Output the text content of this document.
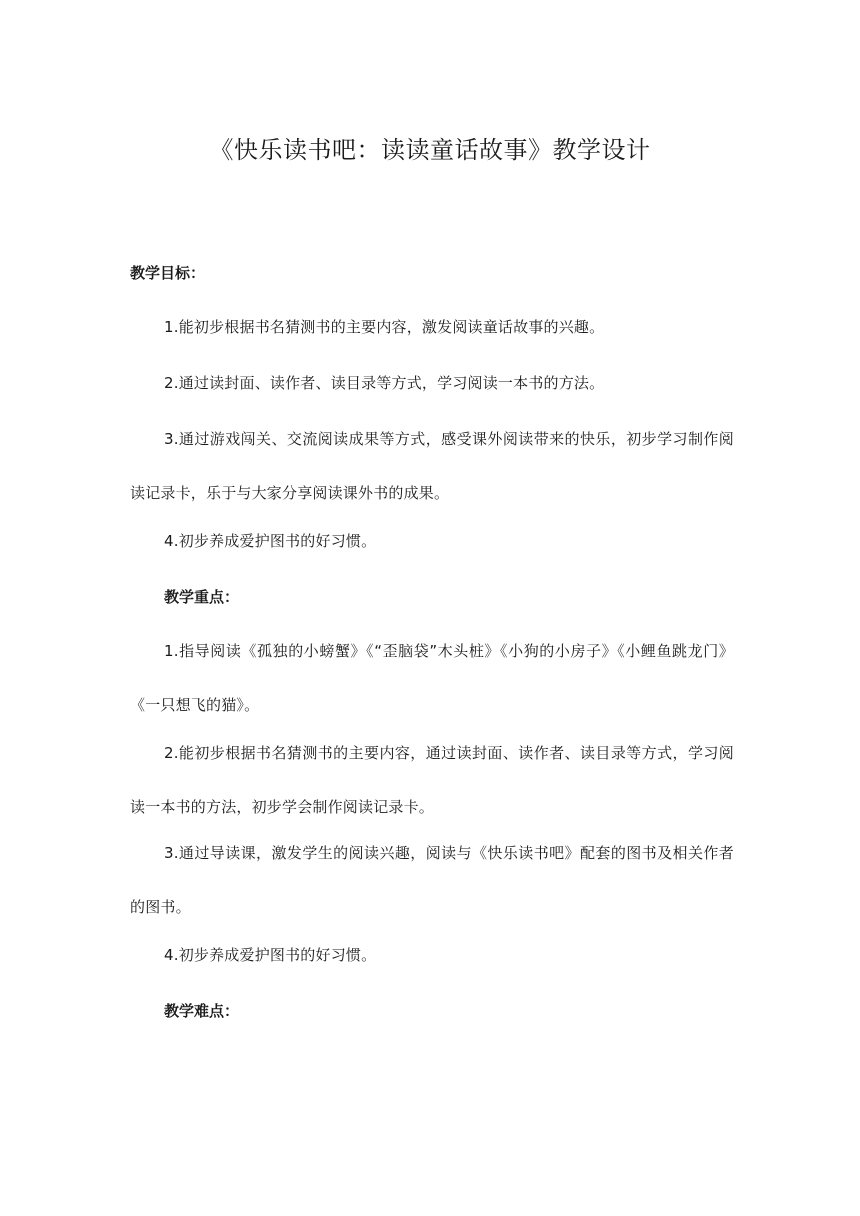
《快乐读书吧：读读童话故事》教学设计
教学目标：

1.能初步根据书名猜测书的主要内容，激发阅读童话故事的兴趣。

2.通过读封面、读作者、读目录等方式，学习阅读一本书的方法。

3.通过游戏闯关、交流阅读成果等方式，感受课外阅读带来的快乐，初步学习制作阅读记录卡，乐于与大家分享阅读课外书的成果。

4.初步养成爱护图书的好习惯。

教学重点：

1.指导阅读《孤独的小螃蟹》《“歪脑袋”木头桩》《小狗的小房子》《小鲤鱼跳龙门》《一只想飞的猫》。

2.能初步根据书名猜测书的主要内容，通过读封面、读作者、读目录等方式，学习阅读一本书的方法，初步学会制作阅读记录卡。

3.通过导读课，激发学生的阅读兴趣，阅读与《快乐读书吧》配套的图书及相关作者的图书。

4.初步养成爱护图书的好习惯。

教学难点：
